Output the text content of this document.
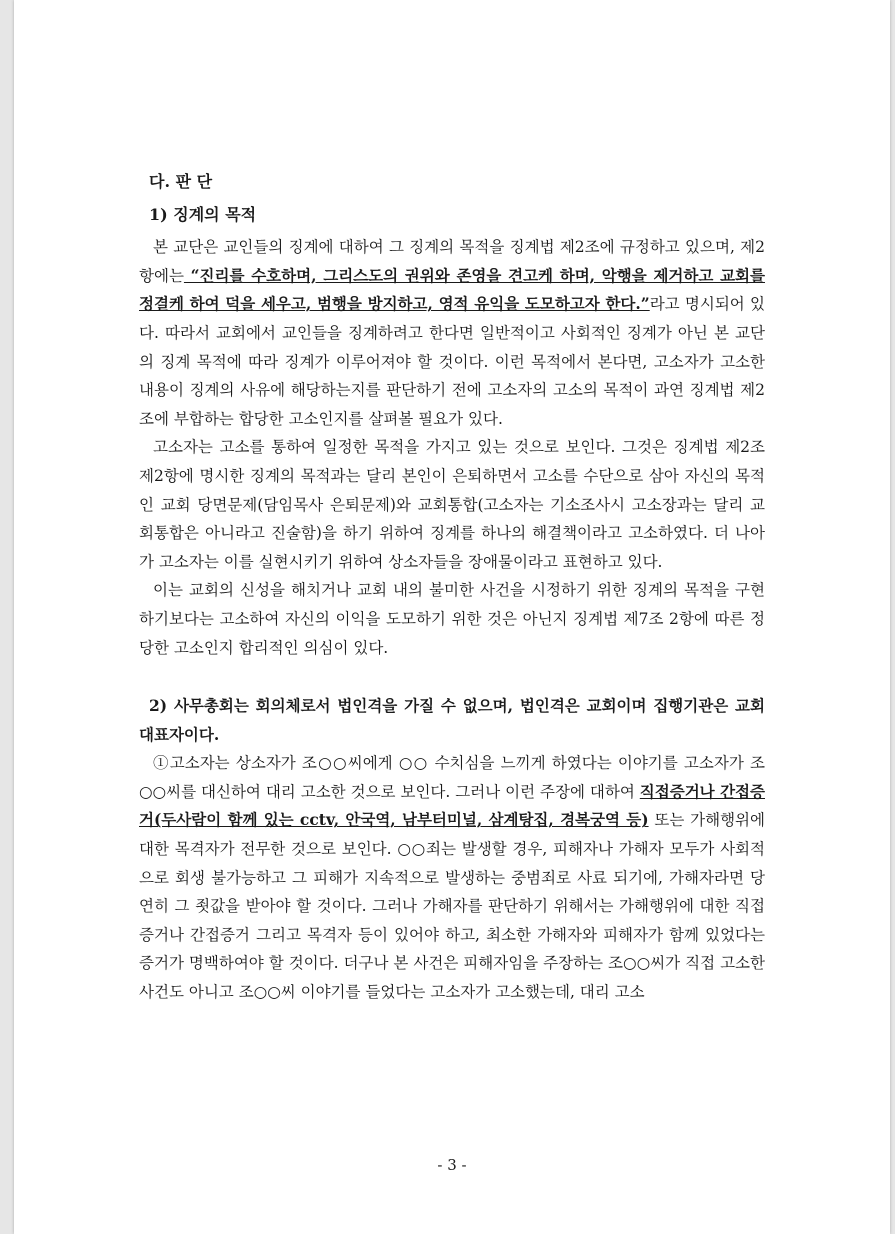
다. 판 단

1) 징계의 목적

본 교단은 교인들의 징계에 대하여 그 징계의 목적을 징계법 제2조에 규정하고 있으며, 제2항에는 “진리를 수호하며, 그리스도의 권위와 존영을 견고케 하며, 악행을 제거하고 교회를 정결케 하여 덕을 세우고, 범행을 방지하고, 영적 유익을 도모하고자 한다.”라고 명시되어 있다. 따라서 교회에서 교인들을 징계하려고 한다면 일반적이고 사회적인 징계가 아닌 본 교단의 징계 목적에 따라 징계가 이루어져야 할 것이다. 이런 목적에서 본다면, 고소자가 고소한 내용이 징계의 사유에 해당하는지를 판단하기 전에 고소자의 고소의 목적이 과연 징계법 제2조에 부합하는 합당한 고소인지를 살펴볼 필요가 있다.

고소자는 고소를 통하여 일정한 목적을 가지고 있는 것으로 보인다. 그것은 징계법 제2조 제2항에 명시한 징계의 목적과는 달리 본인이 은퇴하면서 고소를 수단으로 삼아 자신의 목적인 교회 당면문제(담임목사 은퇴문제)와 교회통합(고소자는 기소조사시 고소장과는 달리 교회통합은 아니라고 진술함)을 하기 위하여 징계를 하나의 해결책이라고 고소하였다. 더 나아가 고소자는 이를 실현시키기 위하여 상소자들을 장애물이라고 표현하고 있다.

이는 교회의 신성을 해치거나 교회 내의 불미한 사건을 시정하기 위한 징계의 목적을 구현하기보다는 고소하여 자신의 이익을 도모하기 위한 것은 아닌지 징계법 제7조 2항에 따른 정당한 고소인지 합리적인 의심이 있다.

2) 사무총회는 회의체로서 법인격을 가질 수 없으며, 법인격은 교회이며 집행기관은 교회 대표자이다.

①고소자는 상소자가 조○○씨에게 ○○ 수치심을 느끼게 하였다는 이야기를 고소자가 조○○씨를 대신하여 대리 고소한 것으로 보인다. 그러나 이런 주장에 대하여 직접증거나 간접증거(두사람이 함께 있는 cctv, 안국역, 남부터미널, 삼계탕집, 경복궁역 등) 또는 가해행위에 대한 목격자가 전무한 것으로 보인다. ○○죄는 발생할 경우, 피해자나 가해자 모두가 사회적으로 회생 불가능하고 그 피해가 지속적으로 발생하는 중범죄로 사료 되기에, 가해자라면 당연히 그 죗값을 받아야 할 것이다. 그러나 가해자를 판단하기 위해서는 가해행위에 대한 직접증거나 간접증거 그리고 목격자 등이 있어야 하고, 최소한 가해자와 피해자가 함께 있었다는 증거가 명백하여야 할 것이다. 더구나 본 사건은 피해자임을 주장하는 조○○씨가 직접 고소한 사건도 아니고 조○○씨 이야기를 들었다는 고소자가 고소했는데, 대리 고소

- 3 -
